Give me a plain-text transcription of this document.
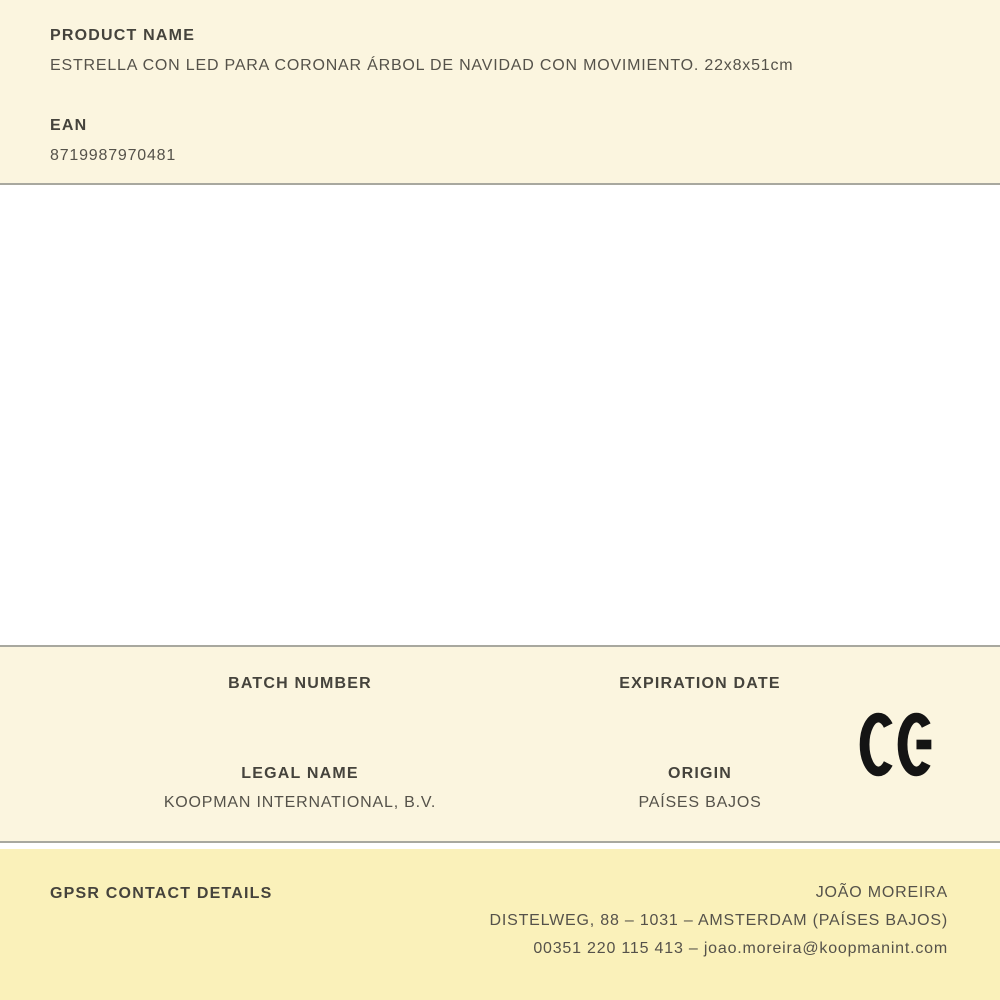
PRODUCT NAME
ESTRELLA CON LED PARA CORONAR ÁRBOL DE NAVIDAD CON MOVIMIENTO. 22x8x51cm
EAN
8719987970481
BATCH NUMBER	EXPIRATION DATE
LEGAL NAME
KOOPMAN INTERNATIONAL, B.V.
ORIGIN
PAÍSES BAJOS
GPSR CONTACT DETAILS	JOÃO MOREIRA
DISTELWEG, 88 – 1031 – AMSTERDAM (PAÍSES BAJOS)
00351 220 115 413 – joao.moreira@koopmanint.com
